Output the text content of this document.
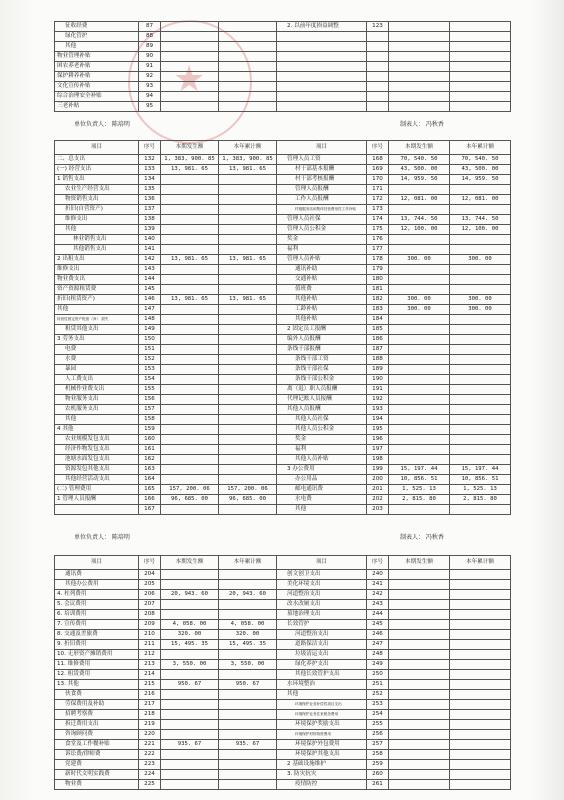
★
征收经费	87			2. 以前年度损益调整	123		
绿化管护	88						
其他	89						
物业管理补贴	90						
困农养老补贴	91						
保护耕养补贴	92						
文化宣传补贴	93						
综合治理安全补贴	94						
三老补贴	95						
单位负责人： 陈培明	制表人： 冯秋香
项目	序号	本期发生额	本年累计额	项目	序号	本期发生额	本年累计额
二、总支出	132	1, 383, 900. 85	1, 383, 900. 85	管理人员工资	168	70, 540. 50	70, 540. 50
(一) 经营支出	133	13, 981. 65	13, 981. 65	村干部基本报酬	169	43, 500. 00	43, 500. 00
1 销售支出	134			村干部考核报酬	170	14, 959. 50	14, 959. 50
农业生产经营支出	135			管理人员报酬	171		
物资销售支出	136			工作人员报酬	172	12, 081. 00	12, 081. 00
折旧(自营资产)	137			村级服务站和集体经营费用性工作补贴	173		
维修支出	138			管理人员社保	174	13, 744. 50	13, 744. 50
其他	139			管理人员公积金	175	12, 100. 00	12, 100. 00
林业销售支出	140			奖金	176		
其他销售支出	141			福利	177		
2 出租支出	142	13, 981. 65	13, 981. 65	管理人员补贴	178	300. 00	300. 00
维修支出	143			通讯补助	179		
物业费支出	144			交通补贴	180		
资产资源租赁费	145			值班费	181		
折旧(租赁资产)	146	13, 981. 65	13, 981. 65	其他补贴	182	300. 00	300. 00
其他	147			工龄补贴	183	300. 00	300. 00
转营性固定资产报废（净） 损失	148			其他补贴	184		
租赁其他支出	149			2 固定员工报酬	185		
3 劳务支出	150			编外人员报酬	186		
电费	151			条线干部报酬	187		
水费	152			条线干部工资	188		
暴园	153			条线干部社保	189		
人工费支出	154			条线干部公积金	190		
机械作业费支出	155			离（退）职人员报酬	191		
物业服务支出	156			代理记账人员报酬	192		
农机服务支出	157			其他人员报酬	193		
其他	158			其他人员社保	194		
4 其他	159			其他人员公积金	195		
农业规模发包支出	160			奖金	196		
经济作物发包支出	161			福利	197		
池塘水面发包支出	162			其他人员补贴	198		
资源发包其他支出	163			3 办公费用	199	15, 197. 44	15, 197. 44
其他经营活动支出	164			办公用品	200	10, 856. 51	10, 856. 51
(二) 管理费用	165	157, 200. 06	157, 200. 06	邮电通讯费	201	1, 525. 13	1, 525. 13
1 管理人员报酬	166	96, 685. 00	96, 685. 00	水电费	202	2, 815. 80	2, 815. 80
	167			其他	203		
单位负责人： 陈培明	制表人： 冯秋香
项目	序号	本期发生额	本年累计额	项目	序号	本期发生额	本年累计额
通讯费	204			创文创卫支出	240		
其他办公费用	205			美化环境支出	241		
4. 柱列费用	206	20, 943. 60	20, 943. 60	河道整治支出	242		
5. 会议费用	207			改水改厕支出	243		
6. 培训费用	208			墓地治理支出	244		
7. 宣传费用	209	4, 058. 00	4, 058. 00	长效管护	245		
8. 交通及差旅费	210	320. 00	320. 00	河道整治支出	246		
9. 折旧费用	211	15, 495. 35	15, 495. 35	道路保洁支出	247		
10. 无形资产摊销费用	212			垃圾清运支出	248		
11. 维修费用	213	3, 550. 00	3, 550. 00	绿化养护支出	249		
12. 租赁费用	214			其他长效管护支出	250		
13. 其他	215	950. 67	950. 67	水环境整治	251		
伙食费	216			其他	252		
劳保费用及补助	217			环境保护业务补偿性项目支出	253		
招聘考察费	218			环境保护业务往来税务费用	254		
拆迁费用支出	219			环境保护奖励支出	255		
咨询顾问费	220			环境保护材料物资费用	256		
食堂及工作餐补贴	221	935. 67	935. 67	环境保护外包费用	257		
诉讼费/律师费	222			环境保护其他支出	258		
党建费	223			2 基础设施维护	259		
新时代文明实践费	224			3. 防灾抗灾	260		
物业费	225			疫情防控	261		
